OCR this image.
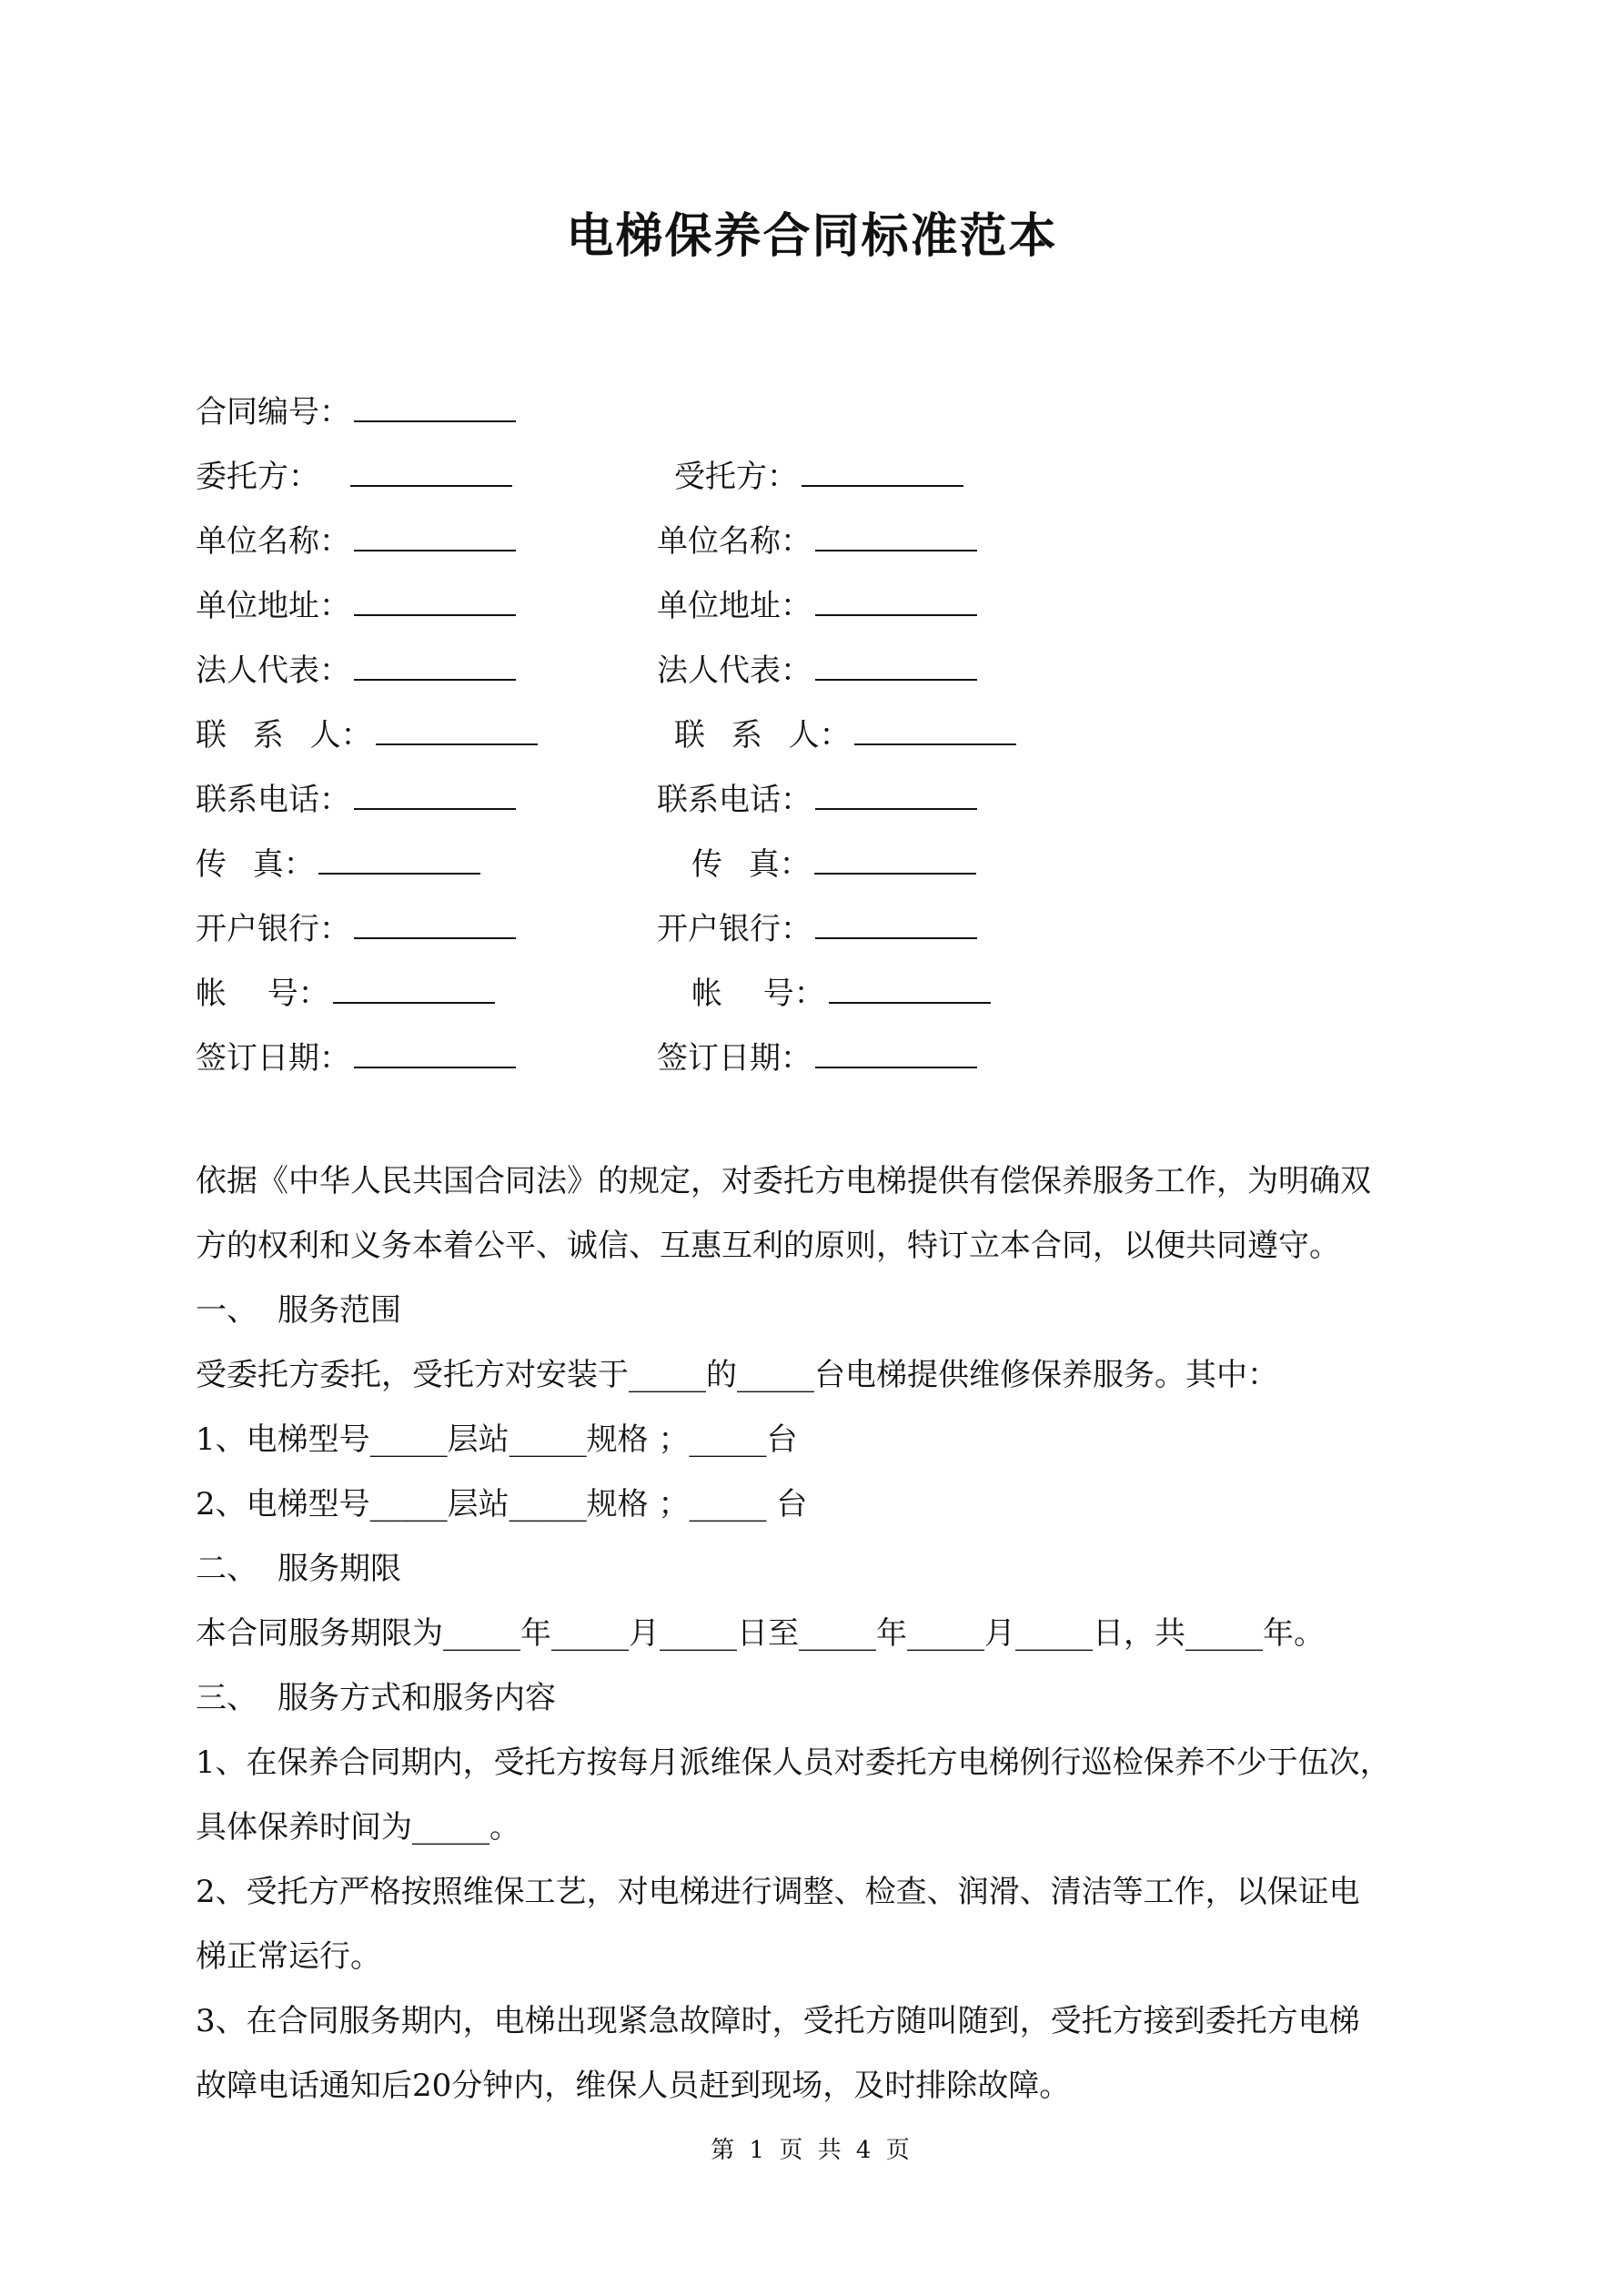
电梯保养合同标准范本
合同编号：
委托方：
单位名称：
单位地址：
法人代表：
联 系 人：
联系电话：
传 真：
开户银行：
帐 号：
签订日期：
受托方：
单位名称：
单位地址：
法人代表：
联 系 人：
联系电话：
传 真：
开户银行：
帐 号：
签订日期：
依据《中华人民共国合同法》的规定，对委托方电梯提供有偿保养服务工作，为明确双
方的权利和义务本着公平、诚信、互惠互利的原则，特订立本合同，以便共同遵守。
一、 服务范围
受委托方委托，受托方对安装于_____的_____台电梯提供维修保养服务。其中：
1、电梯型号_____层站_____规格 ；_____台
2、电梯型号_____层站_____规格 ；_____ 台
二、 服务期限
本合同服务期限为_____年_____月_____日至_____年_____月_____日，共_____年。
三、 服务方式和服务内容
1、在保养合同期内，受托方按每月派维保人员对委托方电梯例行巡检保养不少于伍次，
具体保养时间为_____。
2、受托方严格按照维保工艺，对电梯进行调整、检查、润滑、清洁等工作，以保证电
梯正常运行。
3、在合同服务期内，电梯出现紧急故障时，受托方随叫随到，受托方接到委托方电梯
故障电话通知后20分钟内，维保人员赶到现场，及时排除故障。
第 1 页 共 4 页
